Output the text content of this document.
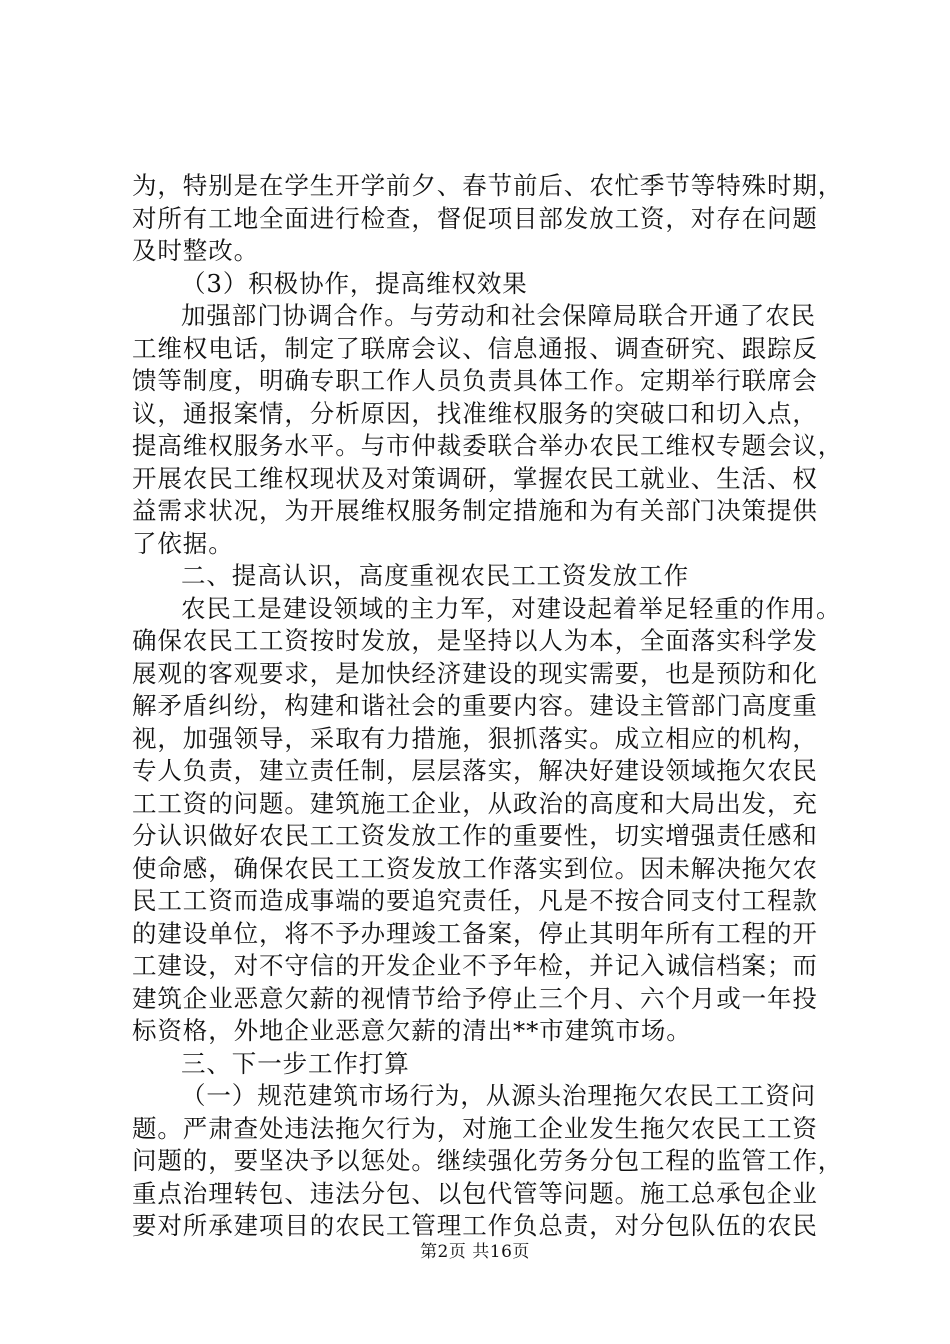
为，特别是在学生开学前夕、春节前后、农忙季节等特殊时期，
对所有工地全面进行检查，督促项目部发放工资，对存在问题
及时整改。
（3）积极协作，提高维权效果
加强部门协调合作。与劳动和社会保障局联合开通了农民
工维权电话，制定了联席会议、信息通报、调查研究、跟踪反
馈等制度，明确专职工作人员负责具体工作。定期举行联席会
议，通报案情，分析原因，找准维权服务的突破口和切入点，
提高维权服务水平。与市仲裁委联合举办农民工维权专题会议，
开展农民工维权现状及对策调研，掌握农民工就业、生活、权
益需求状况，为开展维权服务制定措施和为有关部门决策提供
了依据。
二、提高认识，高度重视农民工工资发放工作
农民工是建设领域的主力军，对建设起着举足轻重的作用。
确保农民工工资按时发放，是坚持以人为本，全面落实科学发
展观的客观要求，是加快经济建设的现实需要，也是预防和化
解矛盾纠纷，构建和谐社会的重要内容。建设主管部门高度重
视，加强领导，采取有力措施，狠抓落实。成立相应的机构，
专人负责，建立责任制，层层落实，解决好建设领域拖欠农民
工工资的问题。建筑施工企业，从政治的高度和大局出发，充
分认识做好农民工工资发放工作的重要性，切实增强责任感和
使命感，确保农民工工资发放工作落实到位。因未解决拖欠农
民工工资而造成事端的要追究责任，凡是不按合同支付工程款
的建设单位，将不予办理竣工备案，停止其明年所有工程的开
工建设，对不守信的开发企业不予年检，并记入诚信档案；而
建筑企业恶意欠薪的视情节给予停止三个月、六个月或一年投
标资格，外地企业恶意欠薪的清出**市建筑市场。
三、下一步工作打算
（一）规范建筑市场行为，从源头治理拖欠农民工工资问
题。严肃查处违法拖欠行为，对施工企业发生拖欠农民工工资
问题的，要坚决予以惩处。继续强化劳务分包工程的监管工作，
重点治理转包、违法分包、以包代管等问题。施工总承包企业
要对所承建项目的农民工管理工作负总责，对分包队伍的农民
第2页 共16页
